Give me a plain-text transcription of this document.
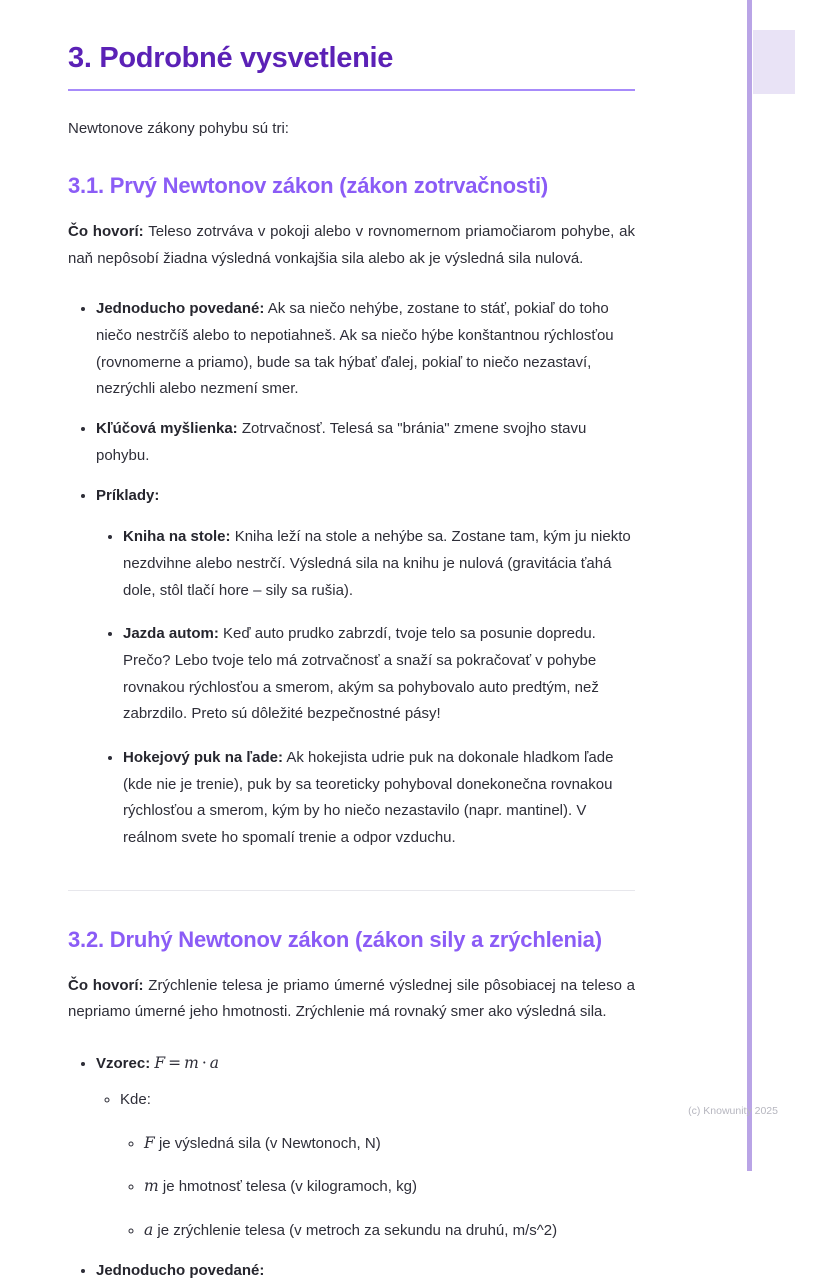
3. Podrobné vysvetlenie

Newtonove zákony pohybu sú tri:

3.1. Prvý Newtonov zákon (zákon zotrvačnosti)

Čo hovorí: Teleso zotrváva v pokoji alebo v rovnomernom priamočiarom pohybe, ak naň nepôsobí žiadna výsledná vonkajšia sila alebo ak je výsledná sila nulová.

• Jednoducho povedané: Ak sa niečo nehýbe, zostane to stáť, pokiaľ do toho niečo nestrčíš alebo to nepotiahneš. Ak sa niečo hýbe konštantnou rýchlosťou (rovnomerne a priamo), bude sa tak hýbať ďalej, pokiaľ to niečo nezastaví, nezrýchli alebo nezmení smer.
• Kľúčová myšlienka: Zotrvačnosť. Telesá sa "bránia" zmene svojho stavu pohybu.
• Príklady:
• Kniha na stole: Kniha leží na stole a nehýbe sa. Zostane tam, kým ju niekto nezdvihne alebo nestrčí. Výsledná sila na knihu je nulová (gravitácia ťahá dole, stôl tlačí hore – sily sa rušia).
• Jazda autom: Keď auto prudko zabrzdí, tvoje telo sa posunie dopredu. Prečo? Lebo tvoje telo má zotrvačnosť a snaží sa pokračovať v pohybe rovnakou rýchlosťou a smerom, akým sa pohybovalo auto predtým, než zabrzdilo. Preto sú dôležité bezpečnostné pásy!
• Hokejový puk na ľade: Ak hokejista udrie puk na dokonale hladkom ľade (kde nie je trenie), puk by sa teoreticky pohyboval donekonečna rovnakou rýchlosťou a smerom, kým by ho niečo nezastavilo (napr. mantinel). V reálnom svete ho spomalí trenie a odpor vzduchu.
3.2. Druhý Newtonov zákon (zákon sily a zrýchlenia)

Čo hovorí: Zrýchlenie telesa je priamo úmerné výslednej sile pôsobiacej na teleso a nepriamo úmerné jeho hmotnosti. Zrýchlenie má rovnaký smer ako výsledná sila.

• Vzorec: F = m · a
◦ Kde:
◦ F je výsledná sila (v Newtonoch, N)
◦ m je hmotnosť telesa (v kilogramoch, kg)
◦ a je zrýchlenie telesa (v metroch za sekundu na druhú, m/s^2)
• Jednoducho povedané:
(c) Knowunity 2025
